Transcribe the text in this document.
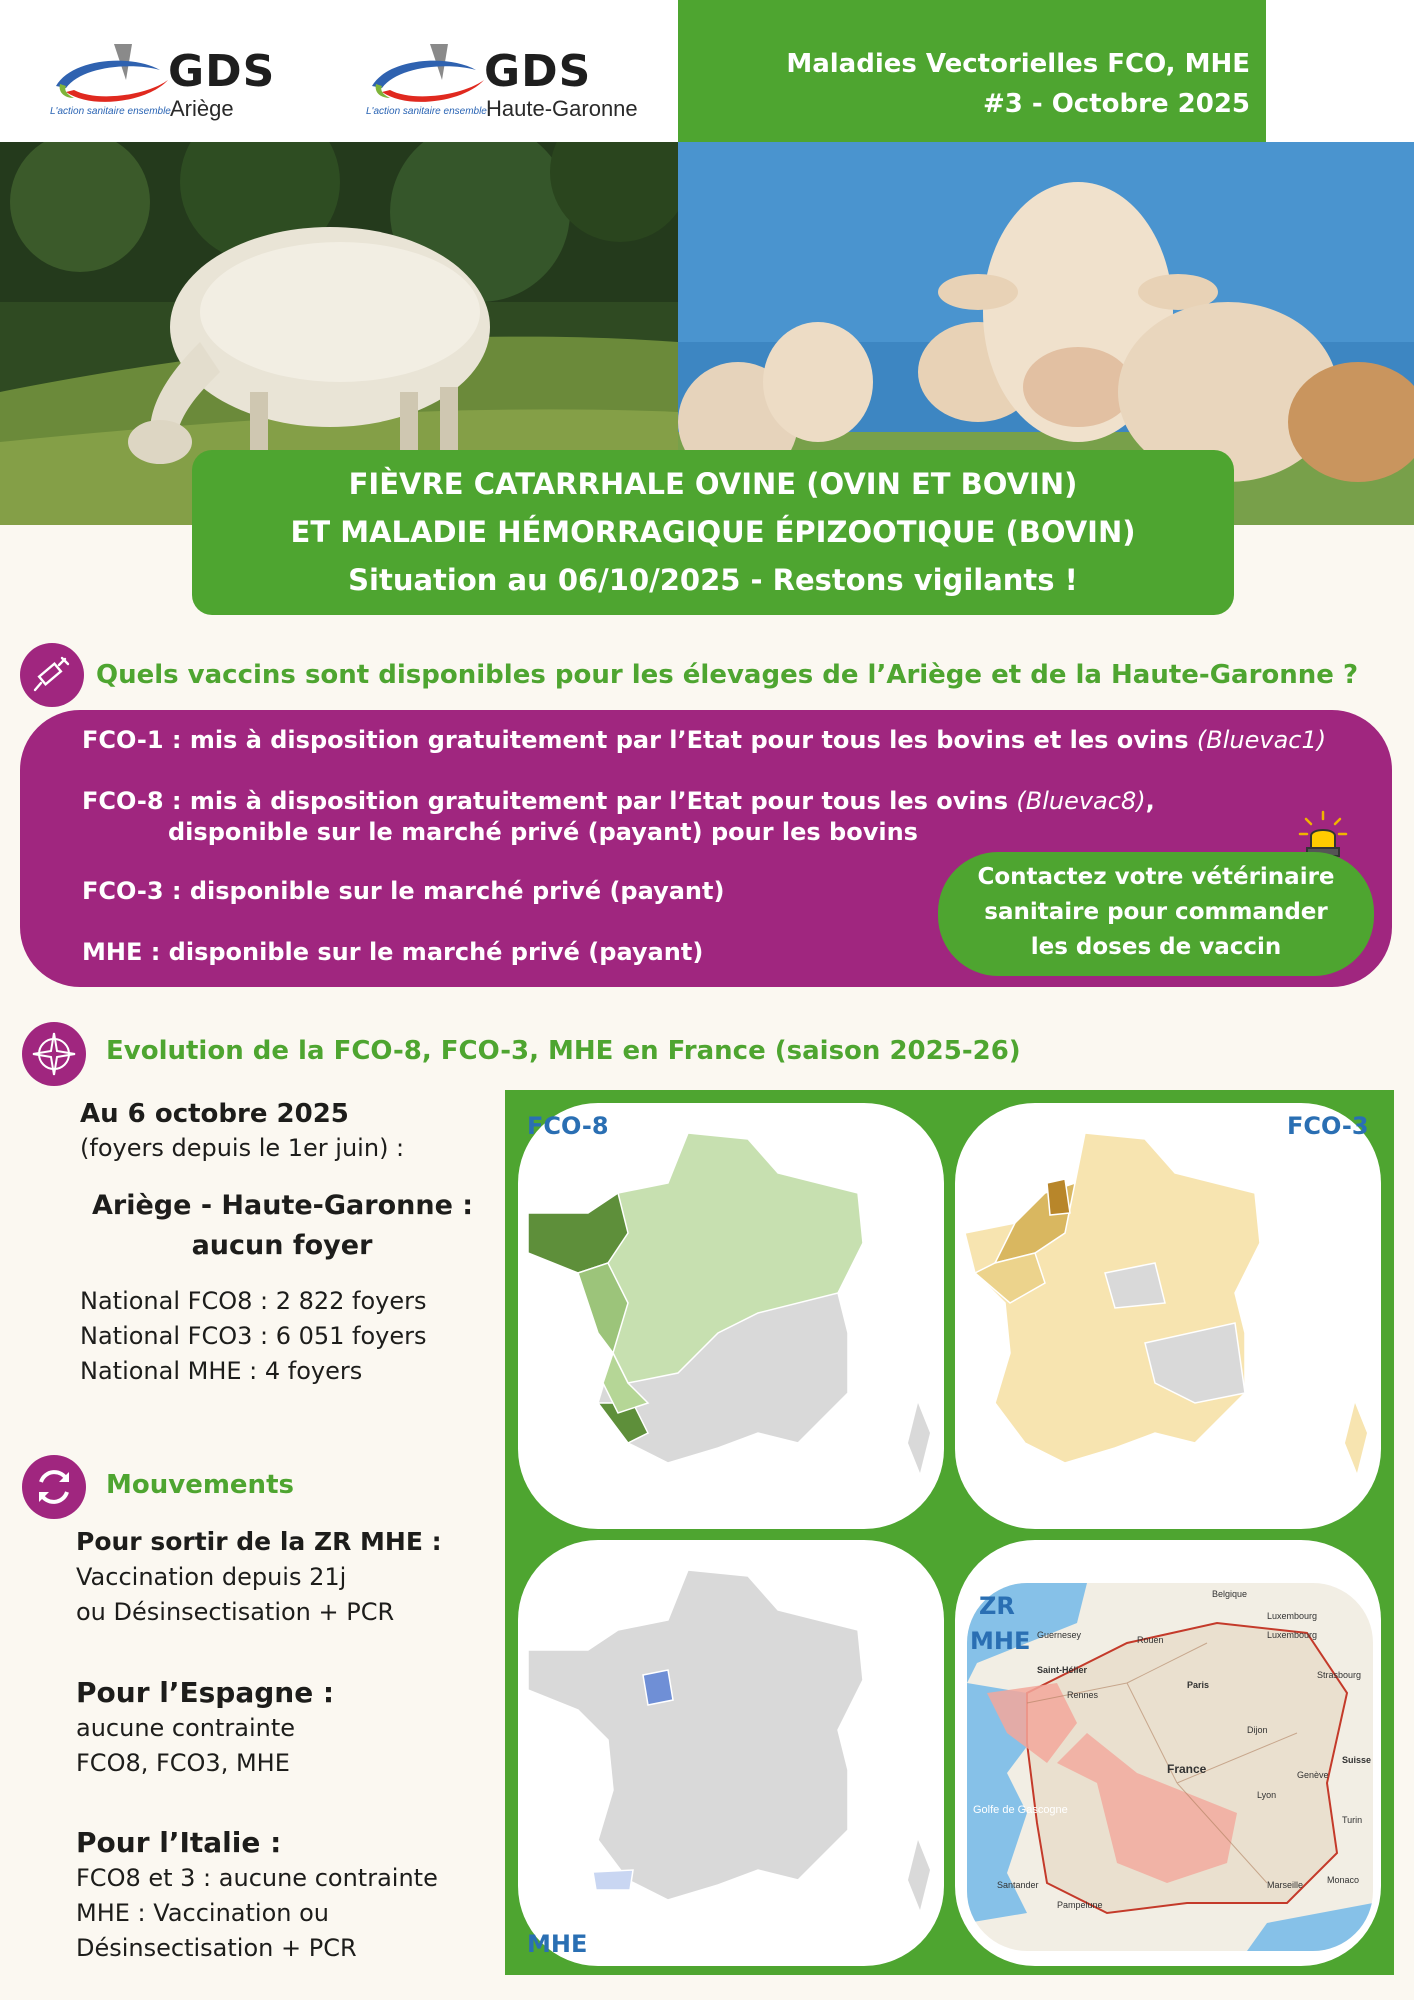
GDS
Ariège
L'action sanitaire ensemble
GDS
Haute-Garonne
L'action sanitaire ensemble
Maladies Vectorielles FCO, MHE
#3 - Octobre 2025
FIÈVRE CATARRHALE OVINE (OVIN ET BOVIN)
ET MALADIE HÉMORRAGIQUE ÉPIZOOTIQUE (BOVIN)
Situation au 06/10/2025 - Restons vigilants !
Quels vaccins sont disponibles pour les élevages de l’Ariège et de la Haute-Garonne ?
FCO-1 : mis à disposition gratuitement par l’Etat pour tous les bovins et les ovins (Bluevac1)
FCO-8 : mis à disposition gratuitement par l’Etat pour tous les ovins (Bluevac8),
disponible sur le marché privé (payant) pour les bovins
FCO-3 : disponible sur le marché privé (payant)
MHE : disponible sur le marché privé (payant)
Contactez votre vétérinaire
sanitaire pour commander
les doses de vaccin
Evolution de la FCO-8, FCO-3, MHE en France (saison 2025-26)
Au 6 octobre 2025
(foyers depuis le 1er juin) :
Ariège - Haute-Garonne :
aucun foyer
National FCO8 : 2 822 foyers
National FCO3 : 6 051 foyers
National MHE : 4 foyers
Mouvements
Pour sortir de la ZR MHE :
Vaccination depuis 21j
ou Désinsectisation + PCR
Pour l’Espagne :
aucune contrainte
FCO8, FCO3, MHE
Pour l’Italie :
FCO8 et 3 : aucune contrainte
MHE : Vaccination ou
Désinsectisation + PCR
FCO-8	FCO-3
MHE
Belgique
Luxembourg
Luxembourg
Strasbourg
Paris
Rouen
Saint-Hélier
Rennes
Dijon
France	Genève
Suisse
Lyon
Turin
Golfe de Gascogne
Santander	Monaco
Marseille
Pampelune
Guernesey
ZR
MHE
